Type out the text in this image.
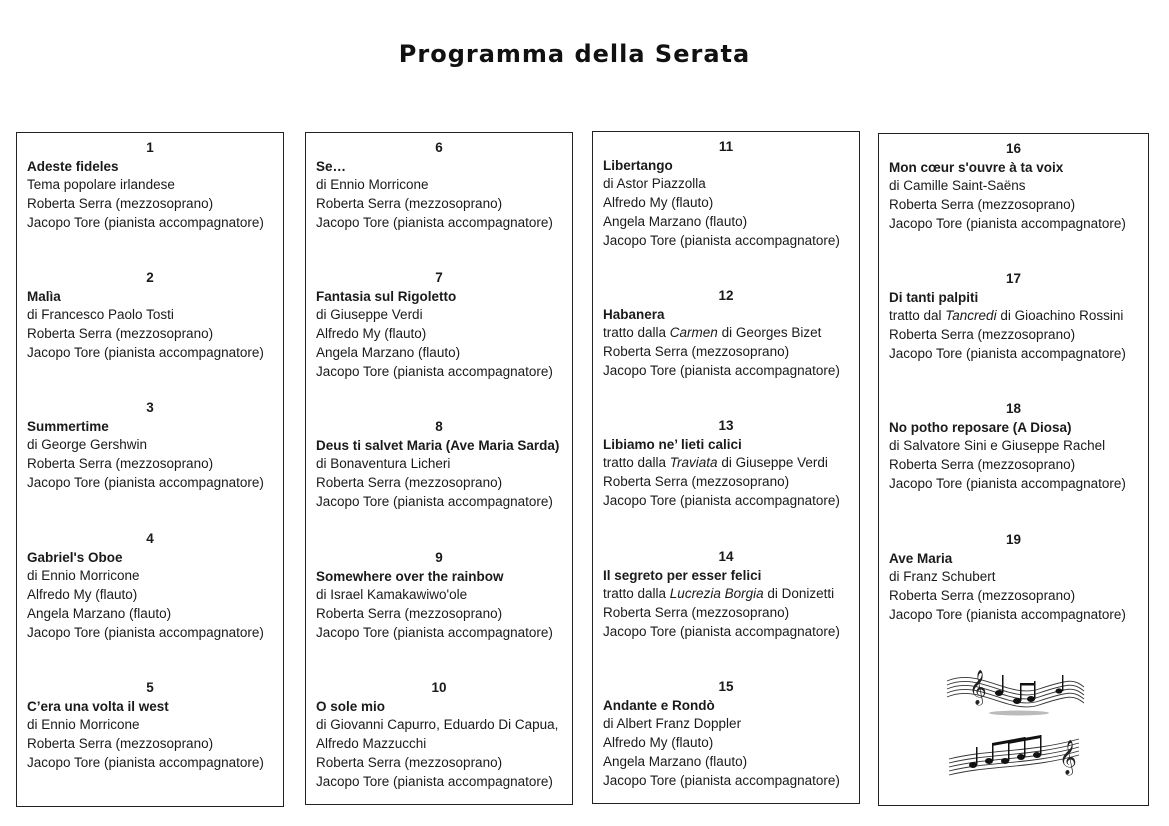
Programma della Serata
1
Adeste fideles
Tema popolare irlandese
Roberta Serra (mezzosoprano)
Jacopo Tore (pianista accompagnatore)
2
Malìa
di Francesco Paolo Tosti
Roberta Serra (mezzosoprano)
Jacopo Tore (pianista accompagnatore)
3
Summertime
di George Gershwin
Roberta Serra (mezzosoprano)
Jacopo Tore (pianista accompagnatore)
4
Gabriel's Oboe
di Ennio Morricone
Alfredo My (flauto)
Angela Marzano (flauto)
Jacopo Tore (pianista accompagnatore)
5
C’era una volta il west
di Ennio Morricone
Roberta Serra (mezzosoprano)
Jacopo Tore (pianista accompagnatore)
6
Se…
di Ennio Morricone
Roberta Serra (mezzosoprano)
Jacopo Tore (pianista accompagnatore)
7
Fantasia sul Rigoletto
di Giuseppe Verdi
Alfredo My (flauto)
Angela Marzano (flauto)
Jacopo Tore (pianista accompagnatore)
8
Deus ti salvet Maria (Ave Maria Sarda)
di Bonaventura Licheri
Roberta Serra (mezzosoprano)
Jacopo Tore (pianista accompagnatore)
9
Somewhere over the rainbow
di Israel Kamakawiwo'ole
Roberta Serra (mezzosoprano)
Jacopo Tore (pianista accompagnatore)
10
O sole mio
di Giovanni Capurro, Eduardo Di Capua,
Alfredo Mazzucchi
Roberta Serra (mezzosoprano)
Jacopo Tore (pianista accompagnatore)
11
Libertango
di Astor Piazzolla
Alfredo My (flauto)
Angela Marzano (flauto)
Jacopo Tore (pianista accompagnatore)
12
Habanera
tratto dalla Carmen di Georges Bizet
Roberta Serra (mezzosoprano)
Jacopo Tore (pianista accompagnatore)
13
Libiamo ne’ lieti calici
tratto dalla Traviata di Giuseppe Verdi
Roberta Serra (mezzosoprano)
Jacopo Tore (pianista accompagnatore)
14
Il segreto per esser felici
tratto dalla Lucrezia Borgia di Donizetti
Roberta Serra (mezzosoprano)
Jacopo Tore (pianista accompagnatore)
15
Andante e Rondò
di Albert Franz Doppler
Alfredo My (flauto)
Angela Marzano (flauto)
Jacopo Tore (pianista accompagnatore)
𝄞
𝄞
16
Mon cœur s'ouvre à ta voix
di Camille Saint-Saëns
Roberta Serra (mezzosoprano)
Jacopo Tore (pianista accompagnatore)
17
Di tanti palpiti
tratto dal Tancredi di Gioachino Rossini
Roberta Serra (mezzosoprano)
Jacopo Tore (pianista accompagnatore)
18
No potho reposare (A Diosa)
di Salvatore Sini e Giuseppe Rachel
Roberta Serra (mezzosoprano)
Jacopo Tore (pianista accompagnatore)
19
Ave Maria
di Franz Schubert
Roberta Serra (mezzosoprano)
Jacopo Tore (pianista accompagnatore)
